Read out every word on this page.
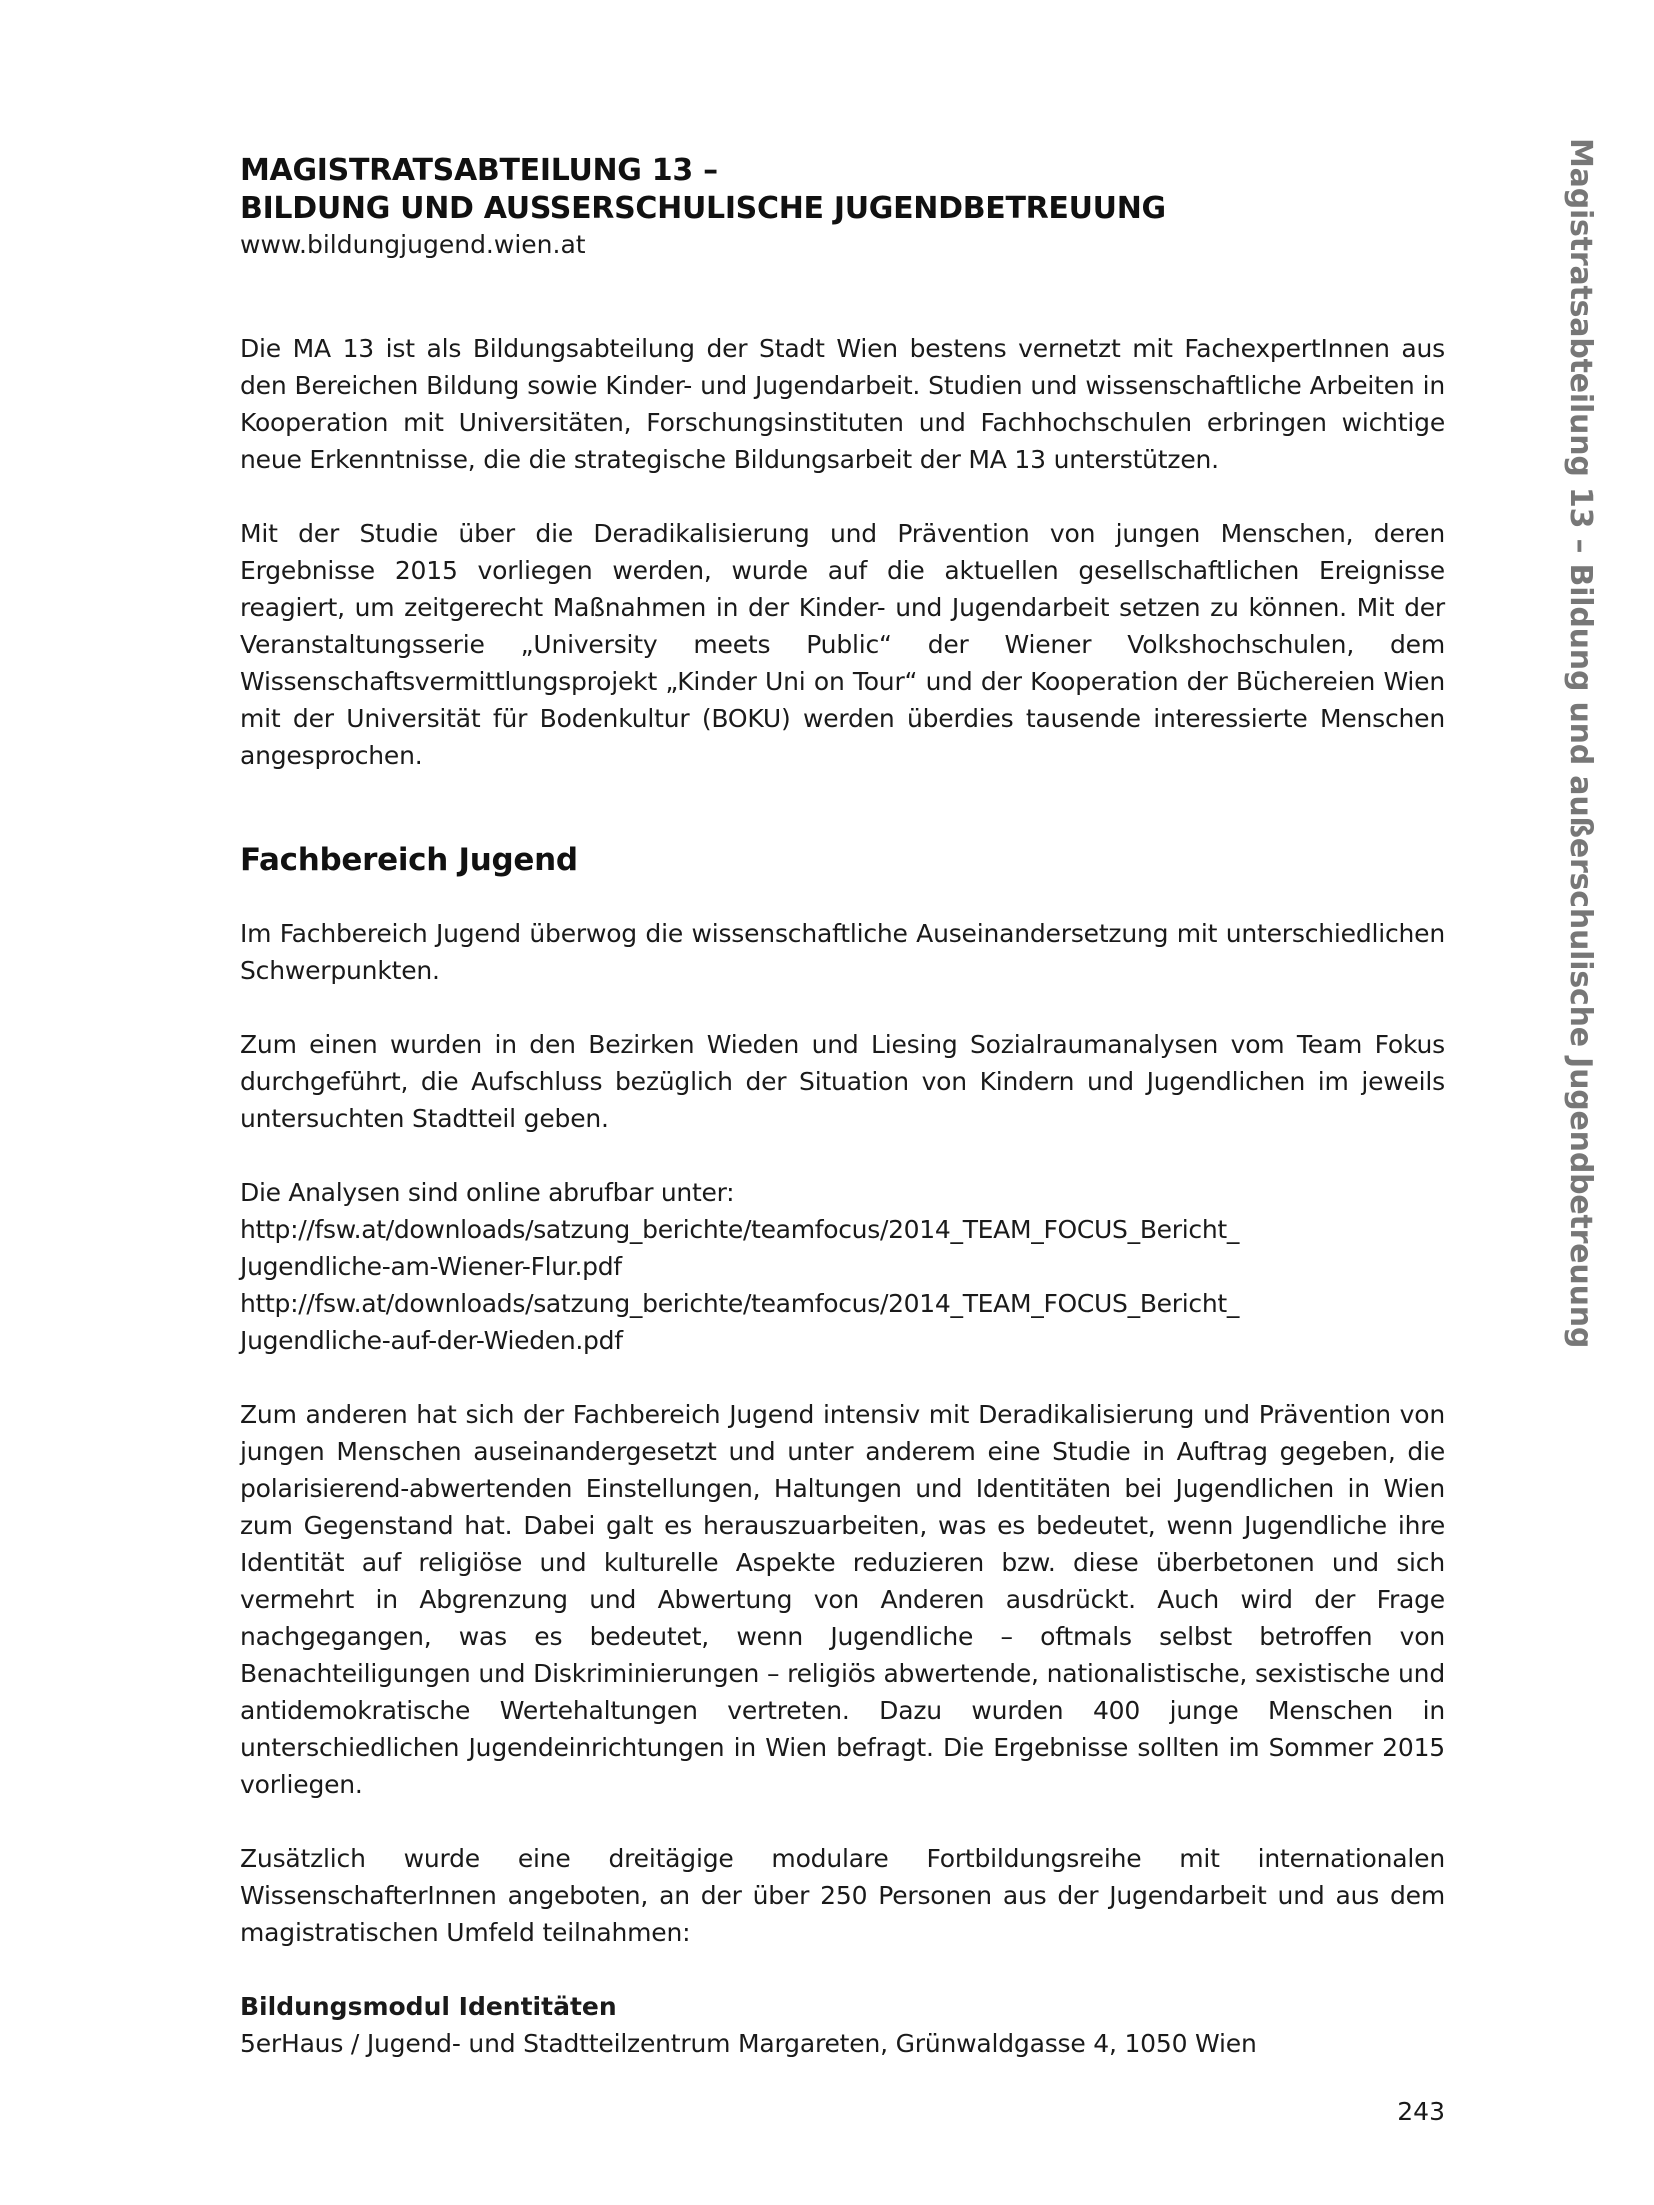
MAGISTRATSABTEILUNG 13 –
BILDUNG UND AUSSERSCHULISCHE JUGENDBETREUUNG

www.bildungjugend.wien.at

Die MA 13 ist als Bildungsabteilung der Stadt Wien bestens vernetzt mit FachexpertInnen aus den Bereichen Bildung sowie Kinder- und Jugendarbeit. Studien und wissenschaftliche Arbeiten in Kooperation mit Universitäten, Forschungsinstituten und Fachhochschulen erbringen wichtige neue Erkenntnisse, die die strategische Bildungsarbeit der MA 13 unterstützen.

Mit der Studie über die Deradikalisierung und Prävention von jungen Menschen, deren Ergebnisse 2015 vorliegen werden, wurde auf die aktuellen gesellschaftlichen Ereignisse reagiert, um zeitgerecht Maßnahmen in der Kinder- und Jugendarbeit setzen zu können. Mit der Veranstaltungsserie „University meets Public“ der Wiener Volkshochschulen, dem Wissenschaftsvermittlungsprojekt „Kinder Uni on Tour“ und der Kooperation der Büchereien Wien mit der Universität für Bodenkultur (BOKU) werden überdies tausende interessierte Menschen angesprochen.

Fachbereich Jugend

Im Fachbereich Jugend überwog die wissenschaftliche Auseinandersetzung mit unterschiedlichen Schwerpunkten.

Zum einen wurden in den Bezirken Wieden und Liesing Sozialraumanalysen vom Team Fokus durchgeführt, die Aufschluss bezüglich der Situation von Kindern und Jugendlichen im jeweils untersuchten Stadtteil geben.

Die Analysen sind online abrufbar unter:
http://fsw.at/downloads/satzung_berichte/teamfocus/2014_TEAM_FOCUS_Bericht_
Jugendliche-am-Wiener-Flur.pdf
http://fsw.at/downloads/satzung_berichte/teamfocus/2014_TEAM_FOCUS_Bericht_
Jugendliche-auf-der-Wieden.pdf

Zum anderen hat sich der Fachbereich Jugend intensiv mit Deradikalisierung und Prävention von jungen Menschen auseinandergesetzt und unter anderem eine Studie in Auftrag gegeben, die polarisierend-abwertenden Einstellungen, Haltungen und Identitäten bei Jugendlichen in Wien zum Gegenstand hat. Dabei galt es herauszuarbeiten, was es bedeutet, wenn Jugendliche ihre Identität auf religiöse und kulturelle Aspekte reduzieren bzw. diese überbetonen und sich vermehrt in Abgrenzung und Abwertung von Anderen ausdrückt. Auch wird der Frage nachgegangen, was es bedeutet, wenn Jugendliche – oftmals selbst betroffen von Benachteiligungen und Diskriminierungen – religiös abwertende, nationalistische, sexistische und antidemokratische Wertehaltungen vertreten. Dazu wurden 400 junge Menschen in unterschiedlichen Jugendeinrichtungen in Wien befragt. Die Ergebnisse sollten im Sommer 2015 vorliegen.

Zusätzlich wurde eine dreitägige modulare Fortbildungsreihe mit internationalen WissenschafterInnen angeboten, an der über 250 Personen aus der Jugendarbeit und aus dem magistratischen Umfeld teilnahmen:

Bildungsmodul Identitäten

5erHaus / Jugend- und Stadtteilzentrum Margareten, Grünwaldgasse 4, 1050 Wien

Magistratsabteilung 13 – Bildung und außerschulische Jugendbetreuung
243
